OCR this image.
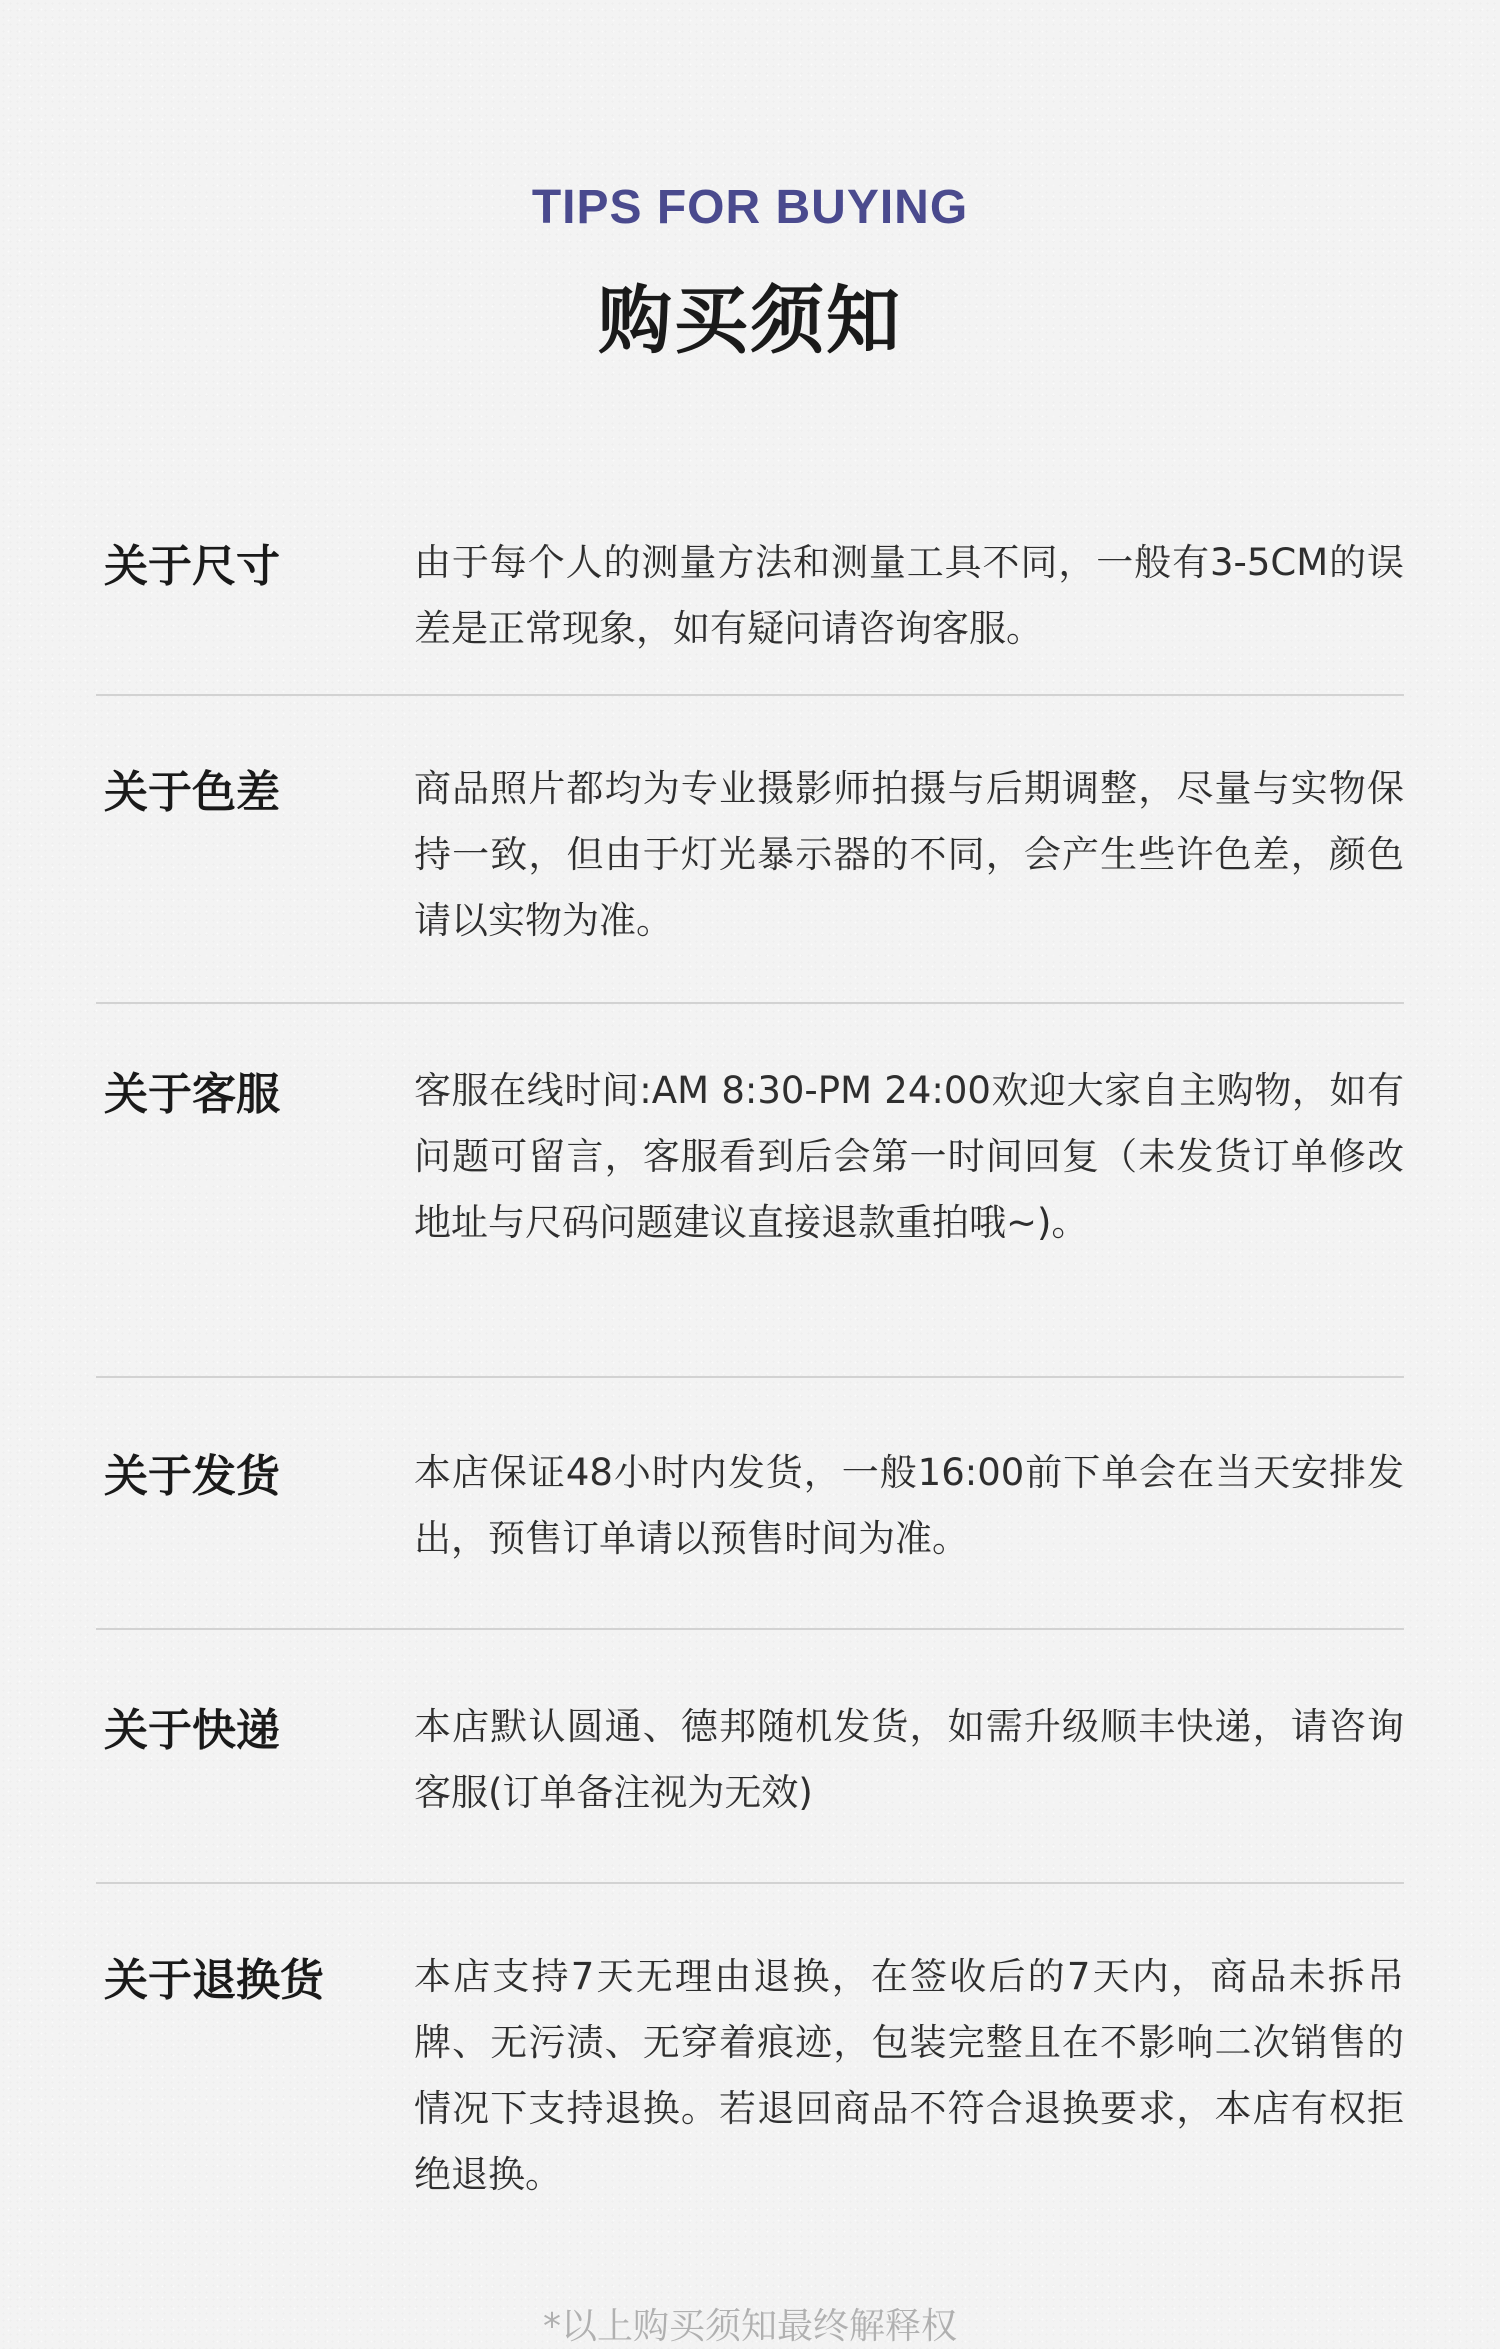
TIPS FOR BUYING
购买须知
关于尺寸	由于每个人的测量方法和测量工具不同，一般有3-5CM的误差是正常现象，如有疑问请咨询客服。
关于色差	商品照片都均为专业摄影师拍摄与后期调整，尽量与实物保持一致，但由于灯光暴示器的不同，会产生些许色差，颜色请以实物为准。
关于客服	客服在线时间:AM 8:30-PM 24:00欢迎大家自主购物，如有问题可留言，客服看到后会第一时间回复（未发货订单修改地址与尺码问题建议直接退款重拍哦~)。
关于发货	本店保证48小时内发货，一般16:00前下单会在当天安排发出，预售订单请以预售时间为准。
关于快递	本店默认圆通、德邦随机发货，如需升级顺丰快递，请咨询客服(订单备注视为无效)
关于退换货 本店支持7天无理由退换，在签收后的7天内，商品未拆吊牌、无污渍、无穿着痕迹，包装完整且在不影响二次销售的情况下支持退换。若退回商品不符合退换要求，本店有权拒绝退换。
*以上购买须知最终解释权
